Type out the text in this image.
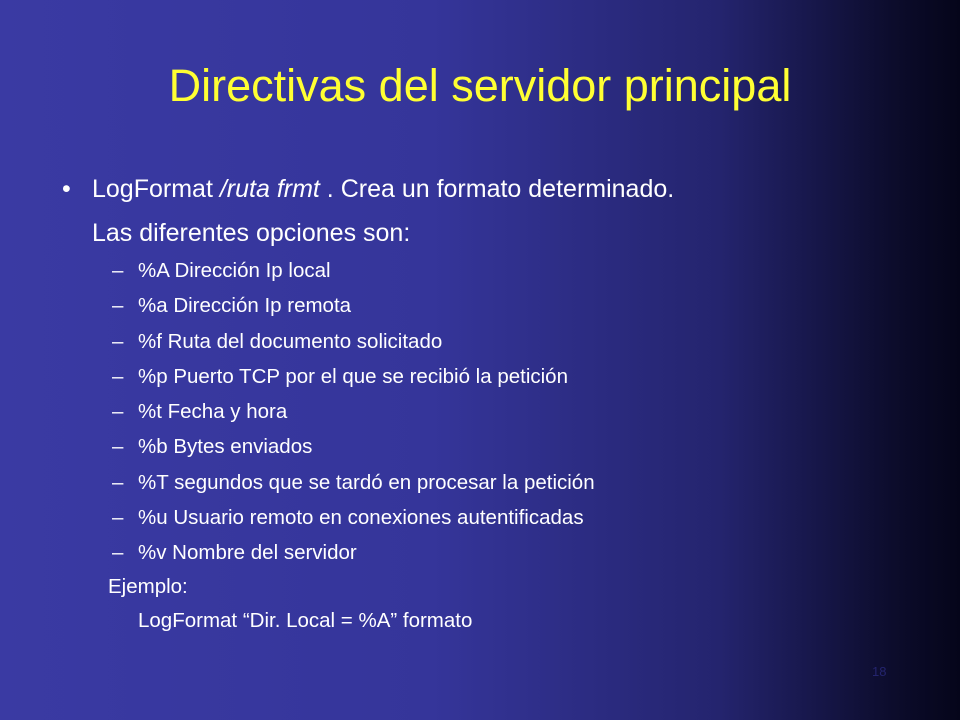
Directivas del servidor principal
• LogFormat /ruta frmt . Crea un formato determinado.
Las diferentes opciones son:
– %A Dirección Ip local
– %a Dirección Ip remota
– %f Ruta del documento solicitado
– %p Puerto TCP por el que se recibió la petición
– %t Fecha y hora
– %b Bytes enviados
– %T segundos que se tardó en procesar la petición
– %u Usuario remoto en conexiones autentificadas
– %v Nombre del servidor
Ejemplo:
LogFormat “Dir. Local = %A” formato
18
